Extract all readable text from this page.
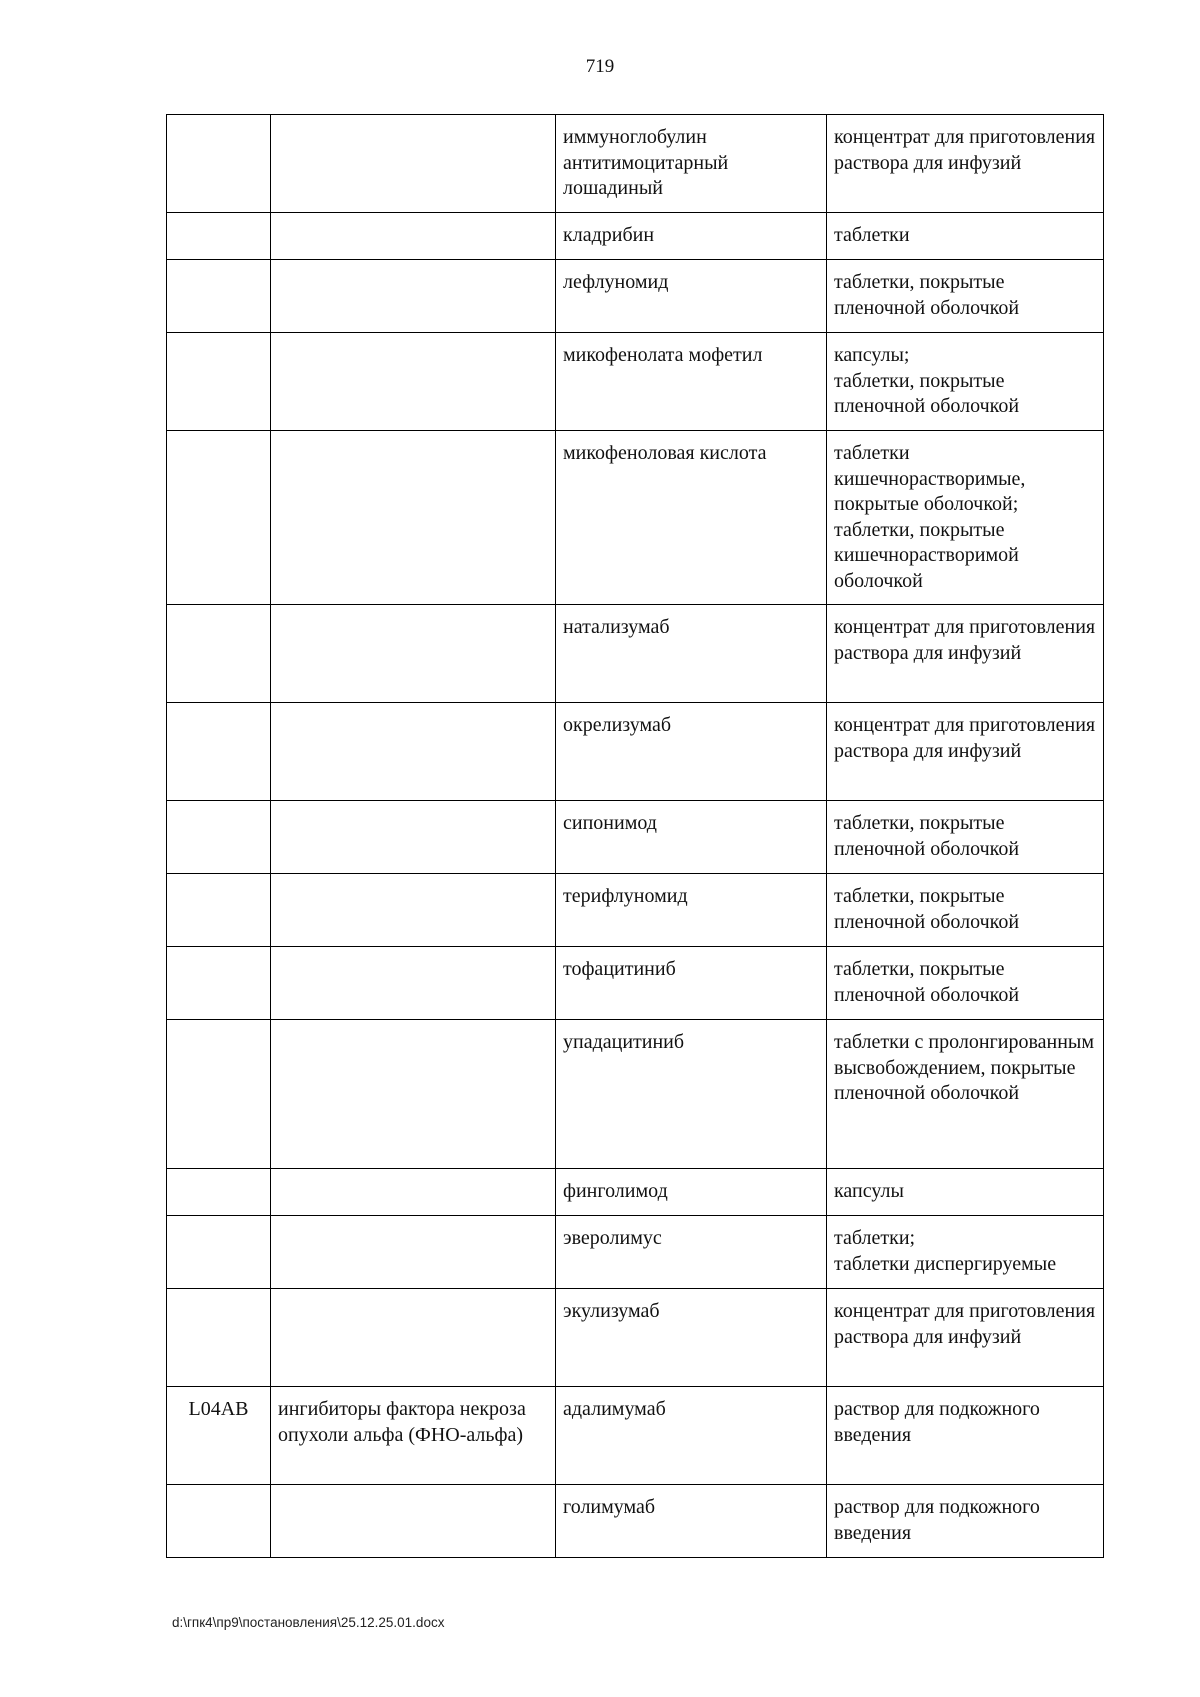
719
		иммуноглобулин антитимоцитарный лошадиный	концентрат для приготовления раствора для инфузий

		кладрибин	таблетки

		лефлуномид	таблетки, покрытые пленочной оболочкой

		микофенолата мофетил	капсулы;
таблетки, покрытые пленочной оболочкой

		микофеноловая кислота	таблетки кишечнорастворимые, покрытые оболочкой;
таблетки, покрытые кишечнорастворимой оболочкой

		натализумаб	концентрат для приготовления раствора для инфузий

		окрелизумаб	концентрат для приготовления раствора для инфузий

		сипонимод	таблетки, покрытые пленочной оболочкой

		терифлуномид	таблетки, покрытые пленочной оболочкой

		тофацитиниб	таблетки, покрытые пленочной оболочкой

		упадацитиниб	таблетки с пролонгированным высвобождением, покрытые пленочной оболочкой

		финголимод	капсулы

		эверолимус	таблетки;
таблетки диспергируемые

		экулизумаб	концентрат для приготовления раствора для инфузий

L04AB	ингибиторы фактора некроза опухоли альфа (ФНО-альфа)	адалимумаб	раствор для подкожного введения

		голимумаб	раствор для подкожного введения
d:\гпк4\пр9\постановления\25.12.25.01.docx
